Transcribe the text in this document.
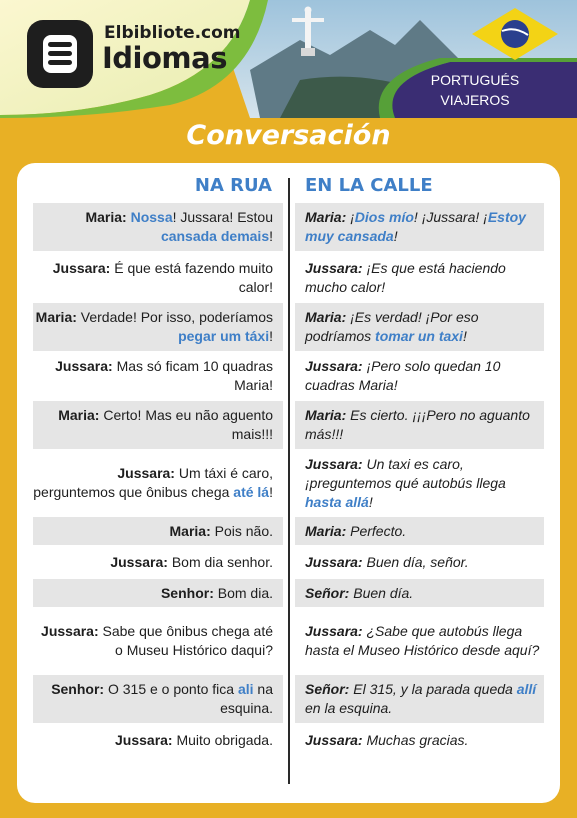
Elbibliote.com
Idiomas
PORTUGUÉS
VIAJEROS
Conversación
NA RUA EN LA CALLE
Maria: Nossa! Jussara! Estou cansada demais!
Maria: ¡Dios mío! ¡Jussara! ¡Estoy muy cansada!
Jussara: É que está fazendo muito calor!
Jussara: ¡Es que está haciendo mucho calor!
Maria: Verdade! Por isso, poderíamos pegar um táxi!
Maria: ¡Es verdad! ¡Por eso podríamos tomar un taxi!
Jussara: Mas só ficam 10 quadras Maria!
Jussara: ¡Pero solo quedan 10 cuadras Maria!
Maria: Certo! Mas eu não aguento mais!!!
Maria: Es cierto. ¡¡¡Pero no aguanto más!!!
Jussara: Um táxi é caro, perguntemos que ônibus chega até lá!
Jussara: Un taxi es caro, ¡preguntemos qué autobús llega hasta allá!
Maria: Pois não. Maria: Perfecto.
Jussara: Bom dia senhor. Jussara: Buen día, señor.
Senhor: Bom dia. Señor: Buen día.
Jussara: Sabe que ônibus chega até o Museu Histórico daqui?
Jussara: ¿Sabe que autobús llega hasta el Museo Histórico desde aquí?
Senhor: O 315 e o ponto fica ali na esquina.
Señor: El 315, y la parada queda allí en la esquina.
Jussara: Muito obrigada. Jussara: Muchas gracias.
